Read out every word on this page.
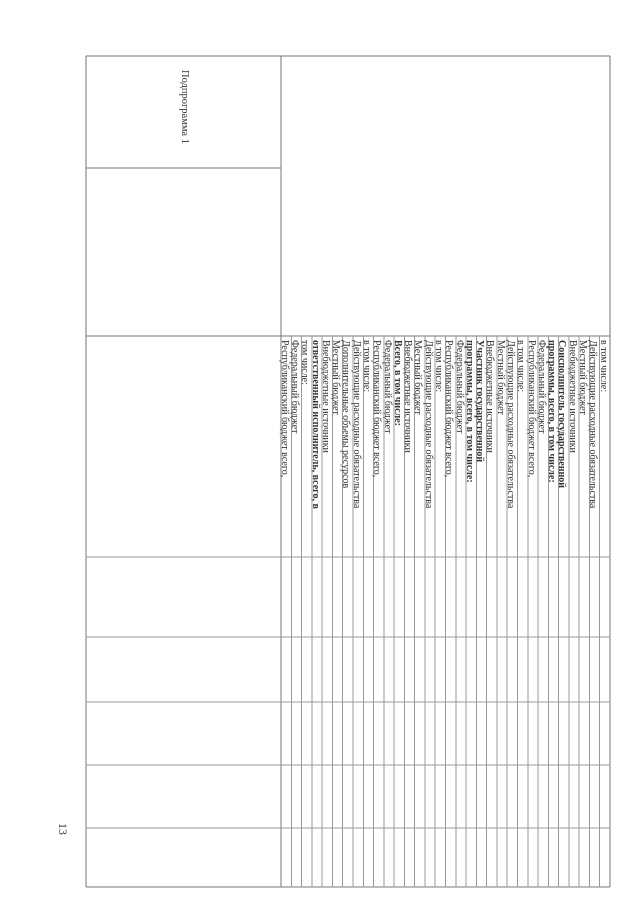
Подпрограмма 1
в том числе:
Действующие расходные обязательства
Местный бюджет
Внебюджетные источники
Соисполнитель государственной
программы, всего, в том числе:
Федеральный бюджет
Республиканский бюджет всего,
в том числе:
Действующие расходные обязательства
Местный бюджет
Внебюджетные источники
Участник государственной
программы, всего, в том числе:
Федеральный бюджет
Республиканский бюджет всего,
в том числе:
Действующие расходные обязательства
Местный бюджет
Внебюджетные источники
Всего, в том числе:
Федеральный бюджет
Республиканский бюджет всего,
в том числе:
Действующие расходные обязательства
Дополнительные объемы ресурсов
Местный бюджет
Внебюджетные источники
ответственный исполнитель, всего, в
том числе:
Федеральный бюджет
Республиканский бюджет всего,
13
